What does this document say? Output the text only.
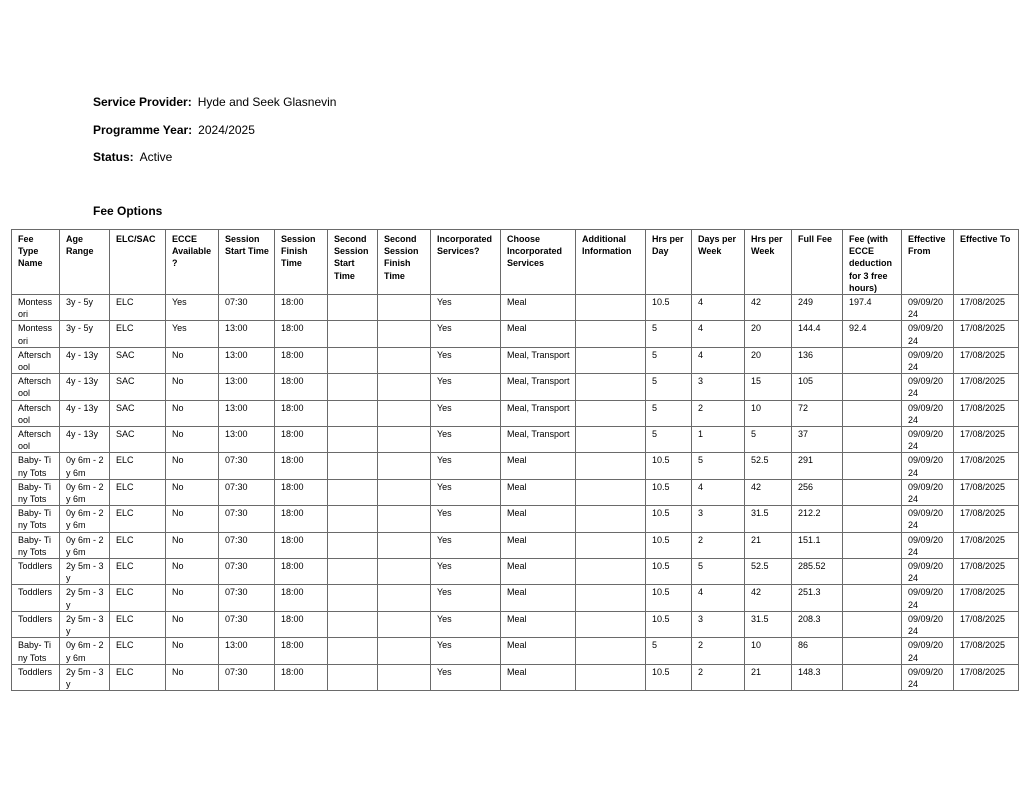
Service Provider: Hyde and Seek Glasnevin
Programme Year: 2024/2025
Status: Active
Fee Options
Fee Type Name	Age Range	ELC/SAC	ECCE Available ?	Session Start Time	Session Finish Time	Second Session Start Time	Second Session Finish Time	Incorporated Services?	Choose Incorporated Services	Additional Information	Hrs per Day	Days per Week	Hrs per Week	Full Fee	Fee (with ECCE deduction for 3 free hours)	Effective From	Effective To
Montessori	3y - 5y	ELC	Yes	07:30	18:00			Yes	Meal		10.5	4	42	249	197.4	09/09/2024	17/08/2025
Montessori	3y - 5y	ELC	Yes	13:00	18:00			Yes	Meal		5	4	20	144.4	92.4	09/09/2024	17/08/2025
Afterschool	4y - 13y	SAC	No	13:00	18:00			Yes	Meal, Transport		5	4	20	136		09/09/2024	17/08/2025
Afterschool	4y - 13y	SAC	No	13:00	18:00			Yes	Meal, Transport		5	3	15	105		09/09/2024	17/08/2025
Afterschool	4y - 13y	SAC	No	13:00	18:00			Yes	Meal, Transport		5	2	10	72		09/09/2024	17/08/2025
Afterschool	4y - 13y	SAC	No	13:00	18:00			Yes	Meal, Transport		5	1	5	37		09/09/2024	17/08/2025
Baby- Tiny Tots	0y 6m - 2y 6m	ELC	No	07:30	18:00			Yes	Meal		10.5	5	52.5	291		09/09/2024	17/08/2025
Baby- Tiny Tots	0y 6m - 2y 6m	ELC	No	07:30	18:00			Yes	Meal		10.5	4	42	256		09/09/2024	17/08/2025
Baby- Tiny Tots	0y 6m - 2y 6m	ELC	No	07:30	18:00			Yes	Meal		10.5	3	31.5	212.2		09/09/2024	17/08/2025
Baby- Tiny Tots	0y 6m - 2y 6m	ELC	No	07:30	18:00			Yes	Meal		10.5	2	21	151.1		09/09/2024	17/08/2025
Toddlers	2y 5m - 3y	ELC	No	07:30	18:00			Yes	Meal		10.5	5	52.5	285.52		09/09/2024	17/08/2025
Toddlers	2y 5m - 3y	ELC	No	07:30	18:00			Yes	Meal		10.5	4	42	251.3		09/09/2024	17/08/2025
Toddlers	2y 5m - 3y	ELC	No	07:30	18:00			Yes	Meal		10.5	3	31.5	208.3		09/09/2024	17/08/2025
Baby- Tiny Tots	0y 6m - 2y 6m	ELC	No	13:00	18:00			Yes	Meal		5	2	10	86		09/09/2024	17/08/2025
Toddlers	2y 5m - 3y	ELC	No	07:30	18:00			Yes	Meal		10.5	2	21	148.3		09/09/2024	17/08/2025
